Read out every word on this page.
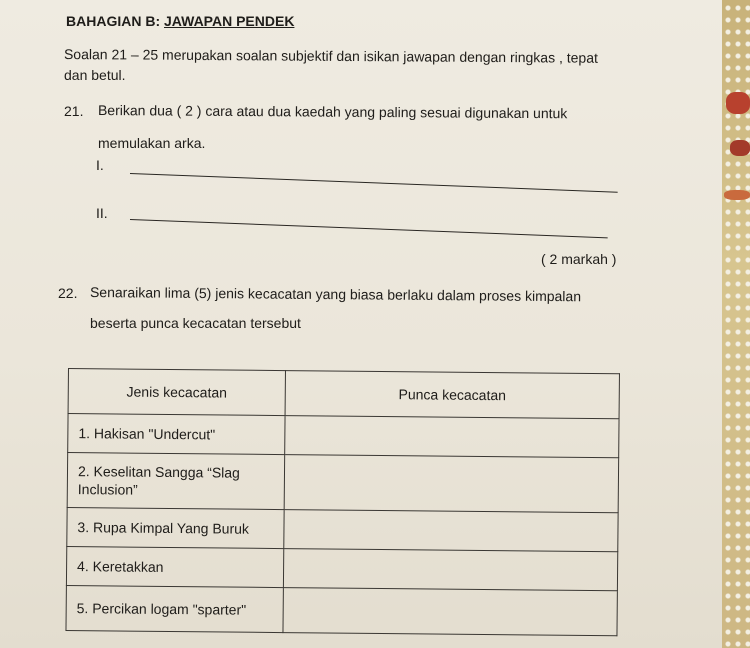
BAHAGIAN B: JAWAPAN PENDEK
Soalan 21 – 25 merupakan soalan subjektif dan isikan jawapan dengan ringkas , tepat
dan betul.
21. Berikan dua ( 2 ) cara atau dua kaedah yang paling sesuai digunakan untuk
memulakan arka.
I.
II.
( 2 markah )
22. Senaraikan lima (5) jenis kecacatan yang biasa berlaku dalam proses kimpalan
beserta punca kecacatan tersebut
Jenis kecacatan	Punca kecacatan
1. Hakisan "Undercut"	
2. Keselitan Sangga “Slag Inclusion”	
3. Rupa Kimpal Yang Buruk	
4. Keretakkan	
5. Percikan logam "sparter"	
